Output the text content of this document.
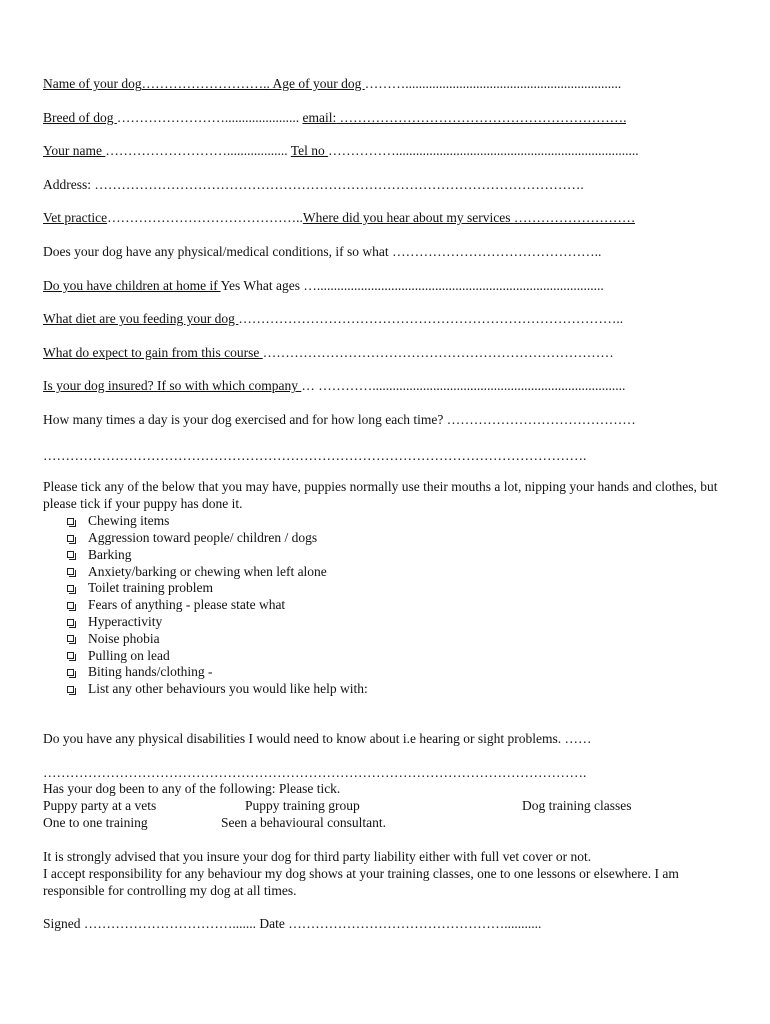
Name of your dog……………………….. Age of your dog ………................................................................
Breed of dog ……………………...................... email: ……………………………………………………….
Your name ……………………….................. Tel no ……………........................................................................
Address: ……………………………………………………………………………………………….
Vet practice……………………………………..Where did you hear about my services ………………………
Does your dog have any physical/medical conditions, if so what ………………………………………..
Do you have children at home if Yes What ages ….....................................................................................
What diet are you feeding your dog …………………………………………………………………………..
What do expect to gain from this course ……………………………………………………………………
Is your dog insured? If so with which company … …………...........................................................................
How many times a day is your dog exercised and for how long each time? ……………………………………
………………………………………………………………………………………………………….
Please tick any of the below that you may have, puppies normally use their mouths a lot, nipping your hands and clothes, but please tick if your puppy has done it.
Chewing items
Aggression toward people/ children / dogs
Barking
Anxiety/barking or chewing when left alone
Toilet training problem
Fears of anything - please state what
Hyperactivity
Noise phobia
Pulling on lead
Biting hands/clothing -
List any other behaviours you would like help with:
Do you have any physical disabilities I would need to know about i.e hearing or sight problems. ……
………………………………………………………………………………………………………….
Has your dog been to any of the following: Please tick.
Puppy party at a vets	Puppy training group	Dog training classes
One to one training	Seen a behavioural consultant.
It is strongly advised that you insure your dog for third party liability either with full vet cover or not.
I accept responsibility for any behaviour my dog shows at your training classes, one to one lessons or elsewhere. I am responsible for controlling my dog at all times.
Signed ……………………………....... Date …………………………………………...........
